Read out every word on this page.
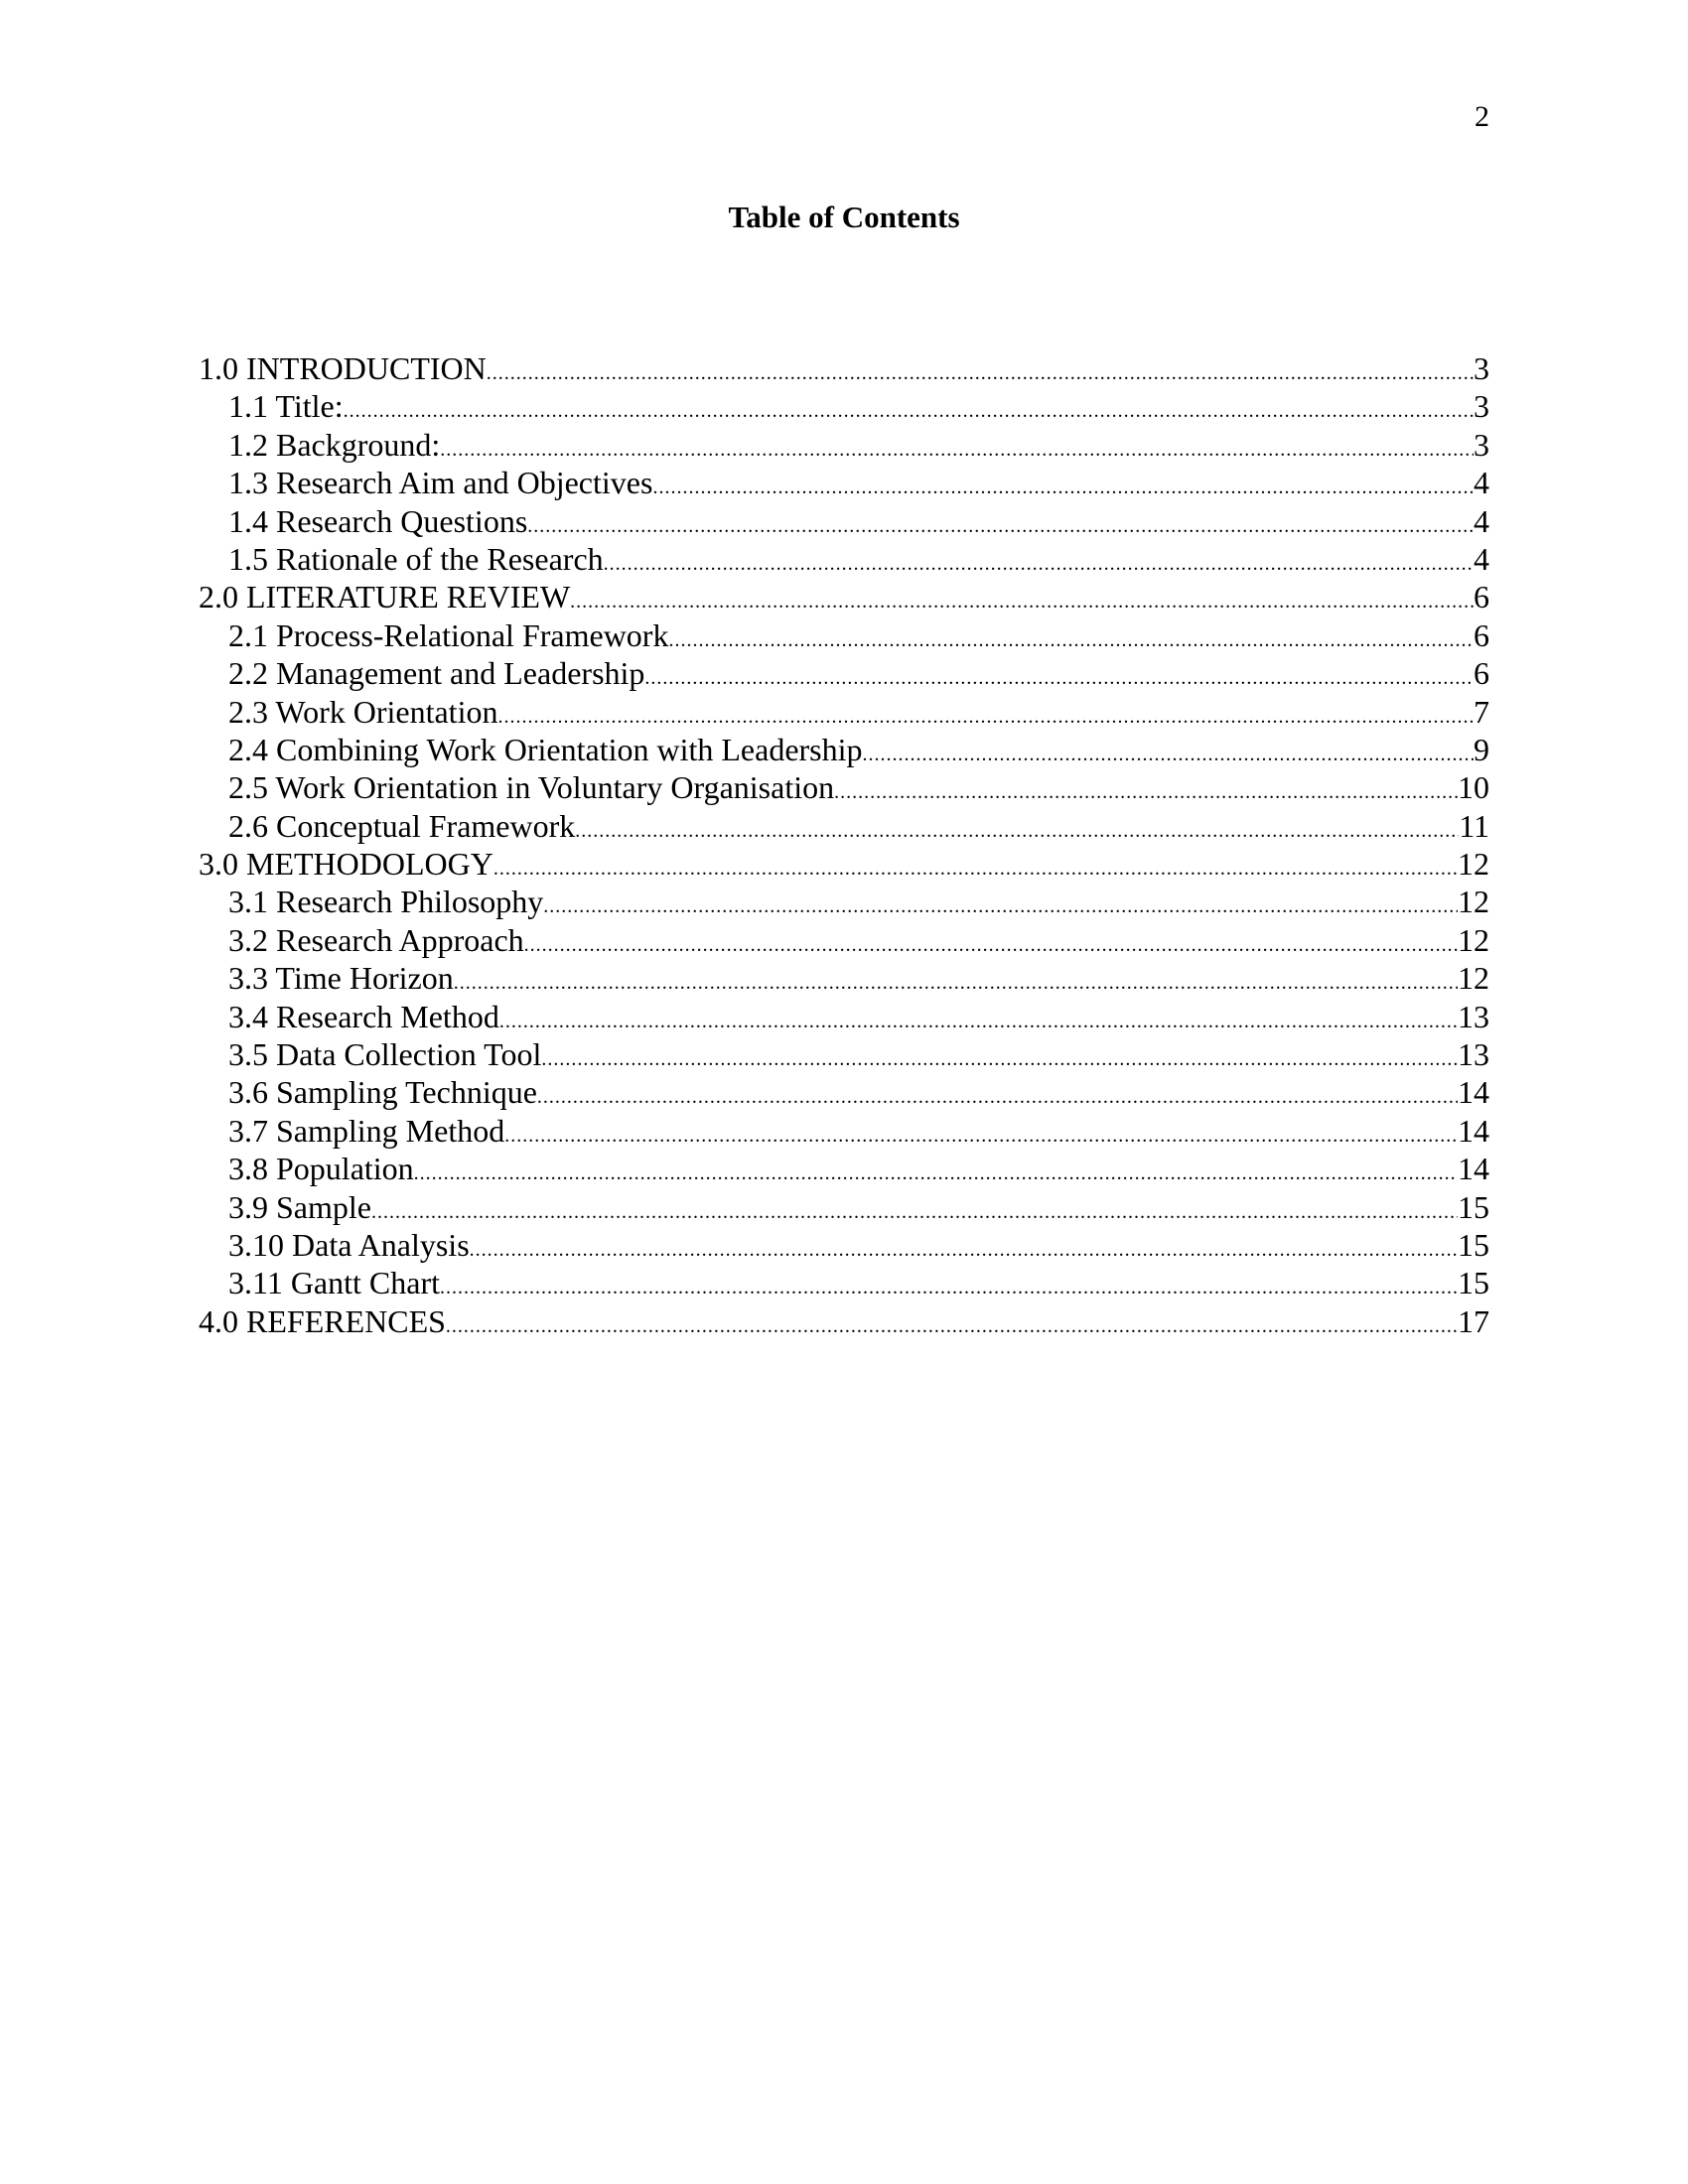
2
Table of Contents
1.0 INTRODUCTION .....	3
1.1 Title: .....	3
1.2 Background: .....	3
1.3 Research Aim and Objectives .....	4
1.4 Research Questions .....	4
1.5 Rationale of the Research .....	4
2.0 LITERATURE REVIEW .....	6
2.1 Process-Relational Framework .....	6
2.2 Management and Leadership .....	6
2.3 Work Orientation .....	7
2.4 Combining Work Orientation with Leadership .....	9
2.5 Work Orientation in Voluntary Organisation .....	10
2.6 Conceptual Framework .....	11
3.0 METHODOLOGY .....	12
3.1 Research Philosophy .....	12
3.2 Research Approach .....	12
3.3 Time Horizon .....	12
3.4 Research Method .....	13
3.5 Data Collection Tool .....	13
3.6 Sampling Technique .....	14
3.7 Sampling Method .....	14
3.8 Population .....	14
3.9 Sample .....	15
3.10 Data Analysis .....	15
3.11 Gantt Chart .....	15
4.0 REFERENCES .....	17
